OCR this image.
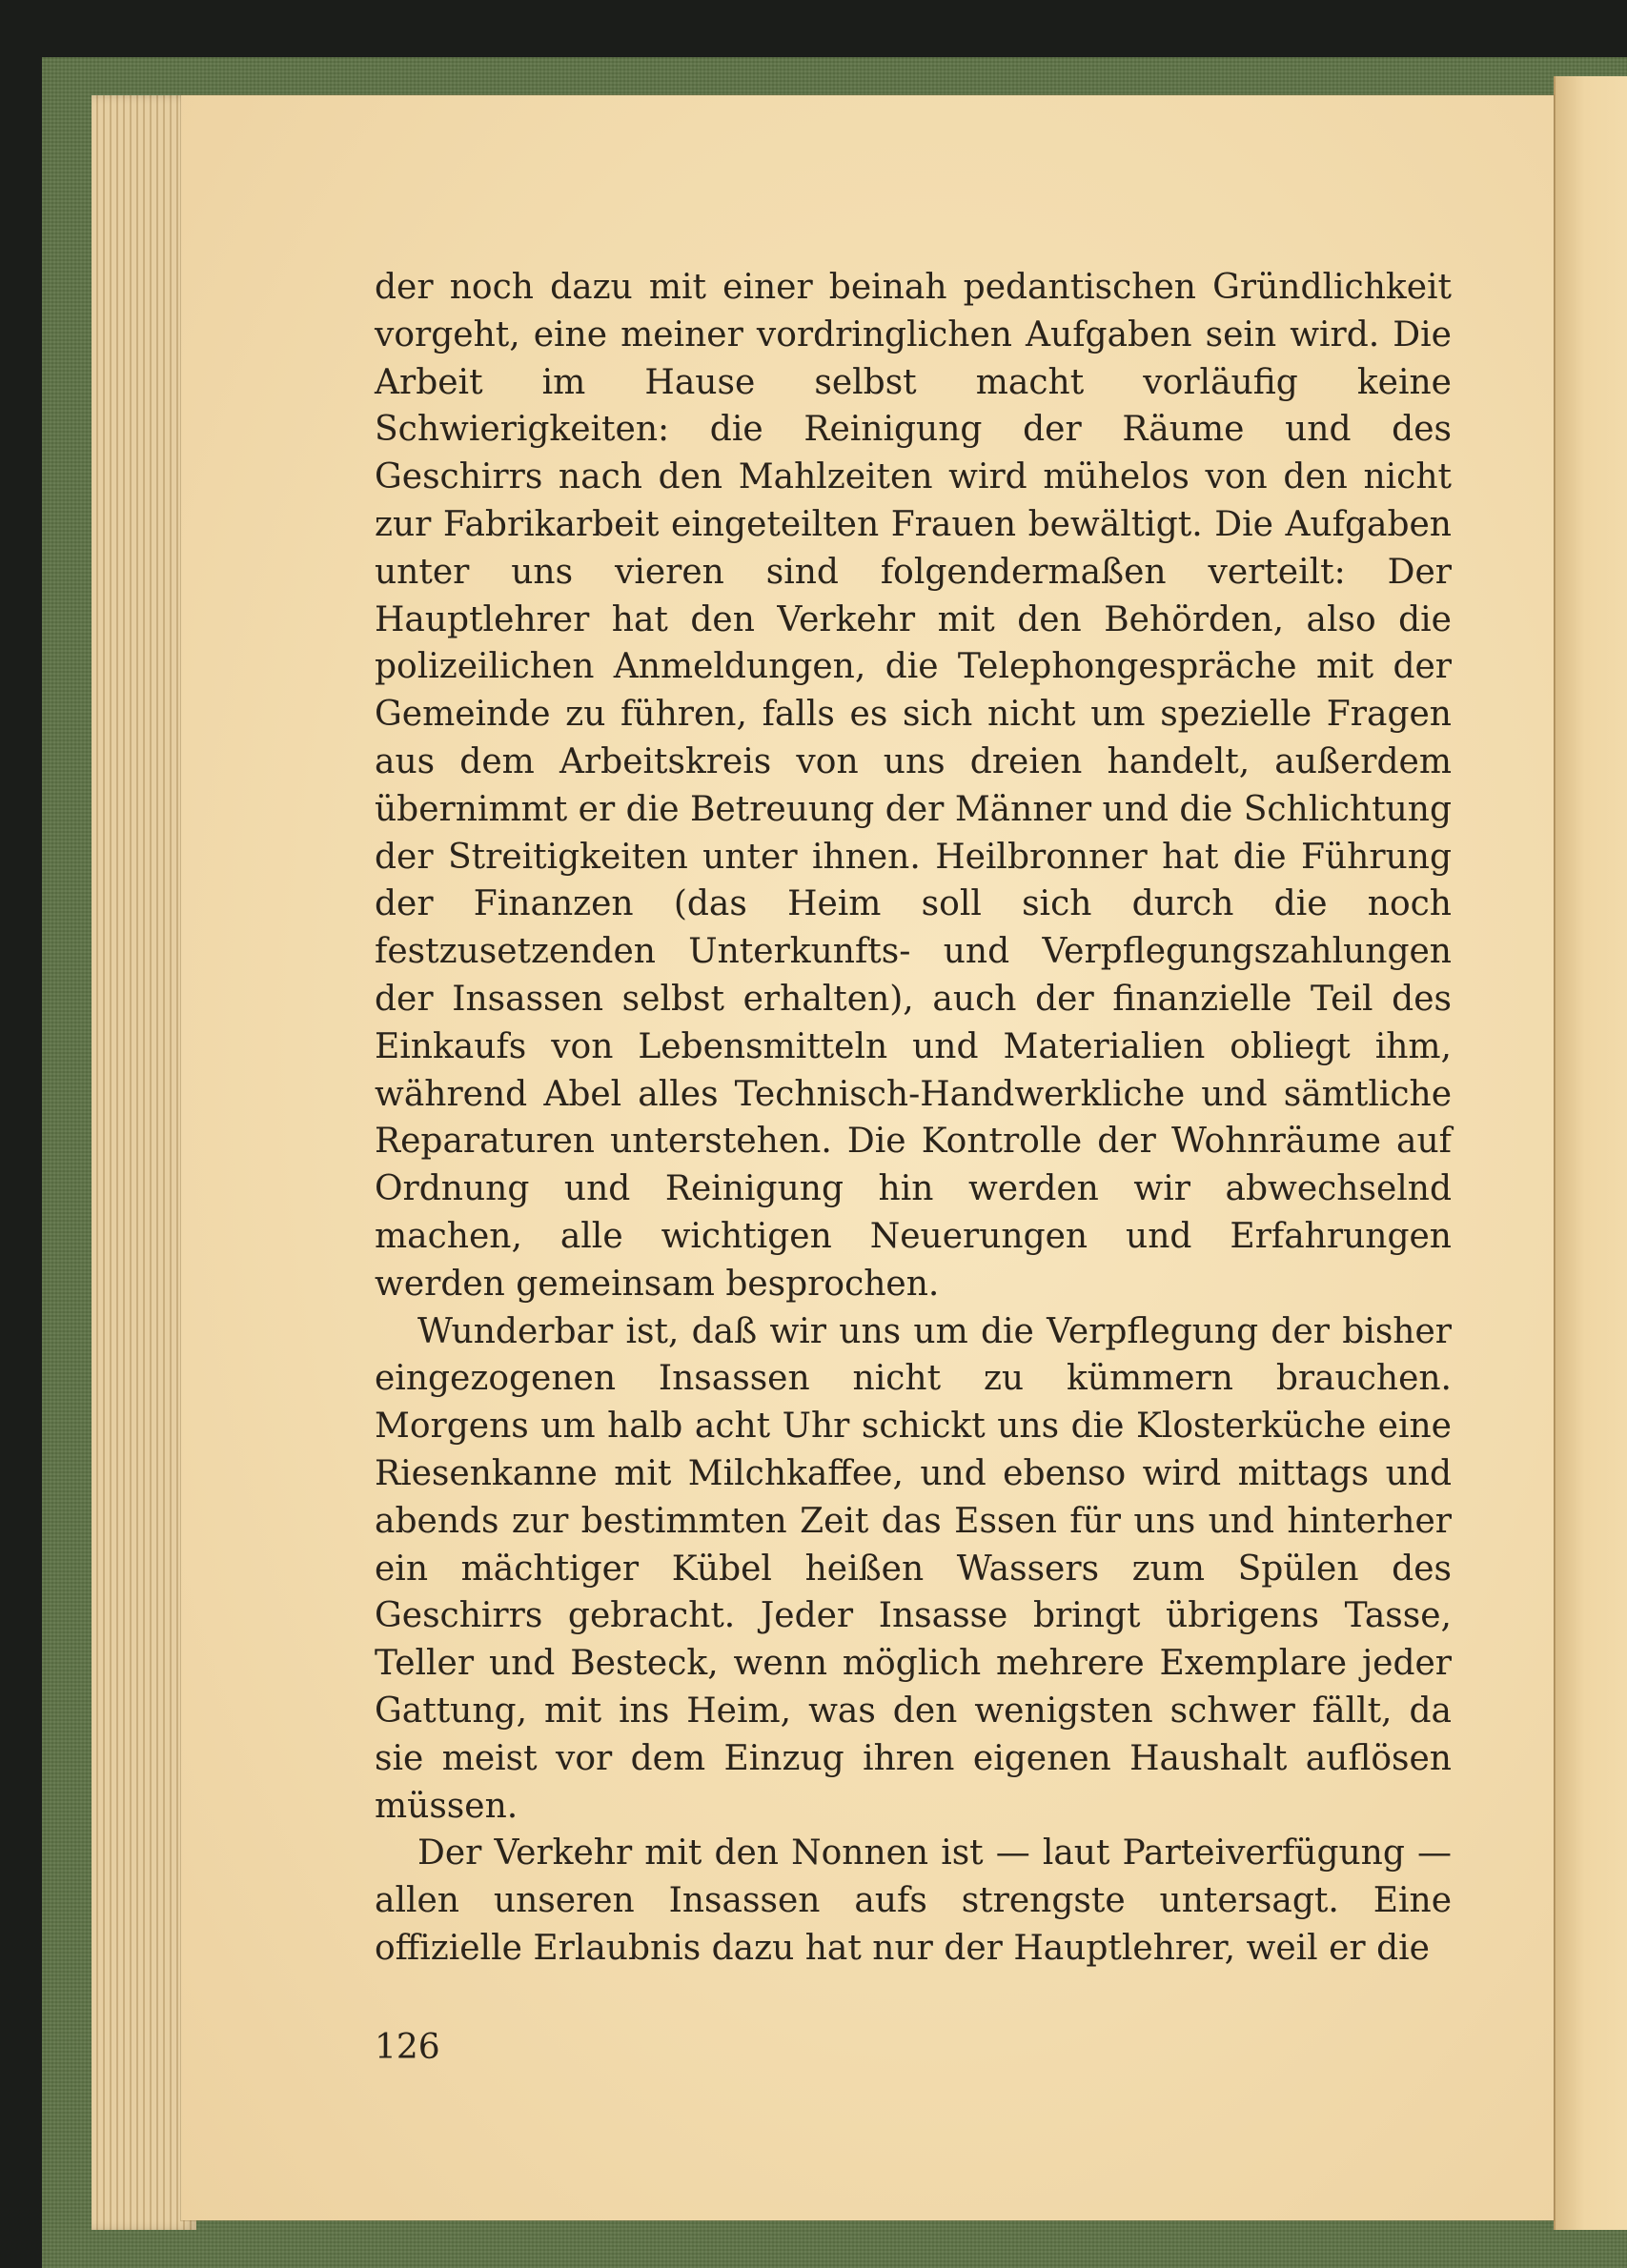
der noch dazu mit einer beinah pedantischen Gründlichkeit vorgeht, eine meiner vordringlichen Aufgaben sein wird. Die Arbeit im Hause selbst macht vorläufig keine Schwierigkeiten: die Reinigung der Räume und des Geschirrs nach den Mahlzeiten wird mühelos von den nicht zur Fabrikarbeit eingeteilten Frauen bewältigt. Die Aufgaben unter uns vieren sind folgendermaßen verteilt: Der Hauptlehrer hat den Verkehr mit den Behörden, also die polizeilichen Anmeldungen, die Telephongespräche mit der Gemeinde zu führen, falls es sich nicht um spezielle Fragen aus dem Arbeitskreis von uns dreien handelt, außerdem übernimmt er die Betreuung der Männer und die Schlichtung der Streitigkeiten unter ihnen. Heilbronner hat die Führung der Finanzen (das Heim soll sich durch die noch festzusetzenden Unterkunfts- und Verpflegungszahlungen der Insassen selbst erhalten), auch der finanzielle Teil des Einkaufs von Lebensmitteln und Materialien obliegt ihm, während Abel alles Technisch-Handwerkliche und sämtliche Reparaturen unterstehen. Die Kontrolle der Wohnräume auf Ordnung und Reinigung hin werden wir abwechselnd machen, alle wichtigen Neuerungen und Erfahrungen werden gemeinsam besprochen.

Wunderbar ist, daß wir uns um die Verpflegung der bisher eingezogenen Insassen nicht zu kümmern brauchen. Morgens um halb acht Uhr schickt uns die Klosterküche eine Riesenkanne mit Milchkaffee, und ebenso wird mittags und abends zur bestimmten Zeit das Essen für uns und hinterher ein mächtiger Kübel heißen Wassers zum Spülen des Geschirrs gebracht. Jeder Insasse bringt übrigens Tasse, Teller und Besteck, wenn möglich mehrere Exemplare jeder Gattung, mit ins Heim, was den wenigsten schwer fällt, da sie meist vor dem Einzug ihren eigenen Haushalt auflösen müssen.

Der Verkehr mit den Nonnen ist — laut Parteiverfügung — allen unseren Insassen aufs strengste untersagt. Eine offizielle Erlaubnis dazu hat nur der Hauptlehrer, weil er die

126
